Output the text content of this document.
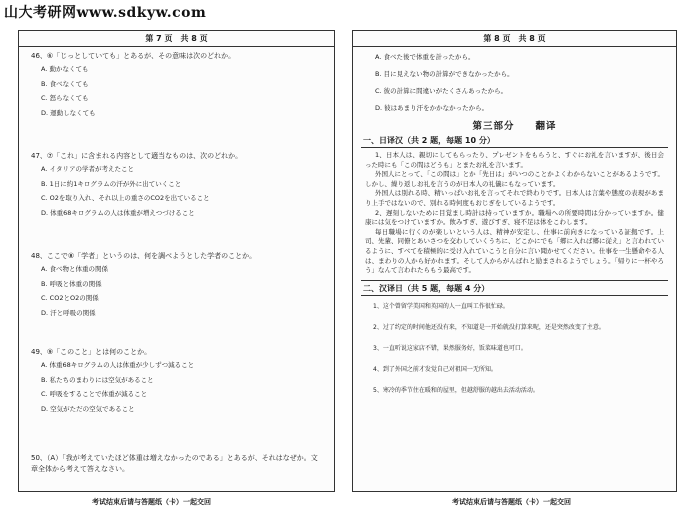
山大考研网www.sdkyw.com
第 7 页　共 8 页
46、⑥「じっとしていても」とあるが、その意味は次のどれか。
A. 動かなくても
B. 食べなくても
C. 怒らなくても
D. 運動しなくても
47、⑦「これ」に含まれる内容として適当なものは、次のどれか。
A. イタリアの学者が考えたこと
B. 1日に約1キログラムの汗が外に出ていくこと
C. O2を取り入れ、それ以上の重さのCO2を出ていること
D. 体重68キログラムの人は体重が増えつづけること
48、ここで⑧「学者」というのは、何を調べようとした学者のことか。
A. 食べ物と体重の関係
B. 呼吸と体重の関係
C. CO2とO2の関係
D. 汗と呼吸の関係
49、⑨「このこと」とは何のことか。
A. 体重68キログラムの人は体重が少しずつ減ること
B. 私たちのまわりには空気があること
C. 呼吸をすることで体重が減ること
D. 空気がただの空気であること
50、（A）「我が考えていたほど体重は増えなかったのである」とあるが、それはなぜか。文章全体から考えて答えなさい。
第 8 页　共 8 页
A. 食べた後で体重を計ったから。
B. 目に見えない物の計算ができなかったから。
C. 彼の計算に間違いがたくさんあったから。
D. 彼はあまり汗をかかなかったから。
第三部分　　翻译
一、日译汉（共 2 题，每题 10 分）

1、日本人は、親切にしてもらったり、プレゼントをもらうと、すぐにお礼を言いますが、後日会った時にも「この間はどうも」とまたお礼を言います。

外国人にとって、「この間は」とか「先日は」がいつのことかよくわからないことがあるようです。しかし、繰り返しお礼を言うのが日本人の礼儀にもなっています。

外国人は別れる時、精いっぱいお礼を言ってそれで終わりです。日本人は言葉や態度の表現があまり上手ではないので、別れる時何度もおじぎをしているようです。

2、遅刻しないために目覚まし時計は持っていますか。職場への所要時間は分かっていますか。健康には気をつけていますか。飲みすぎ、遊びすぎ、寝不足は体をこわします。

毎日職場に行くのが楽しいという人は、精神が安定し、仕事に前向きになっている証拠です。上司、先輩、同僚とあいさつを交わしていくうちに、どこかにでも「郷に入れば郷に従え」と言われているように、すべてを積極的に受け入れていこうと自分に言い聞かせてください。仕事を一生懸命やる人は、まわりの人から好かれます。そして人からがんばれと励まされるようでしょう。「帰りに一杯やろう」なんて言われたらもう最高です。

二、汉译日（共 5 题，每题 4 分）
1、这个曾留学美国和英国的人一直叫工作很忙碌。
2、过了约定的时间他还没有来，不知道是一开始就没打算来呢，还是突然改变了主意。
3、一直听说这家店不错，果然服务好，饭菜味道也可口。
4、到了外国之前才发觉自己对祖国一无所知。
5、寒冷的季节住在暖和的屋里，但越舒服的越出去活动活动。
考试结束后请与答题纸（卡）一起交回	考试结束后请与答题纸（卡）一起交回
